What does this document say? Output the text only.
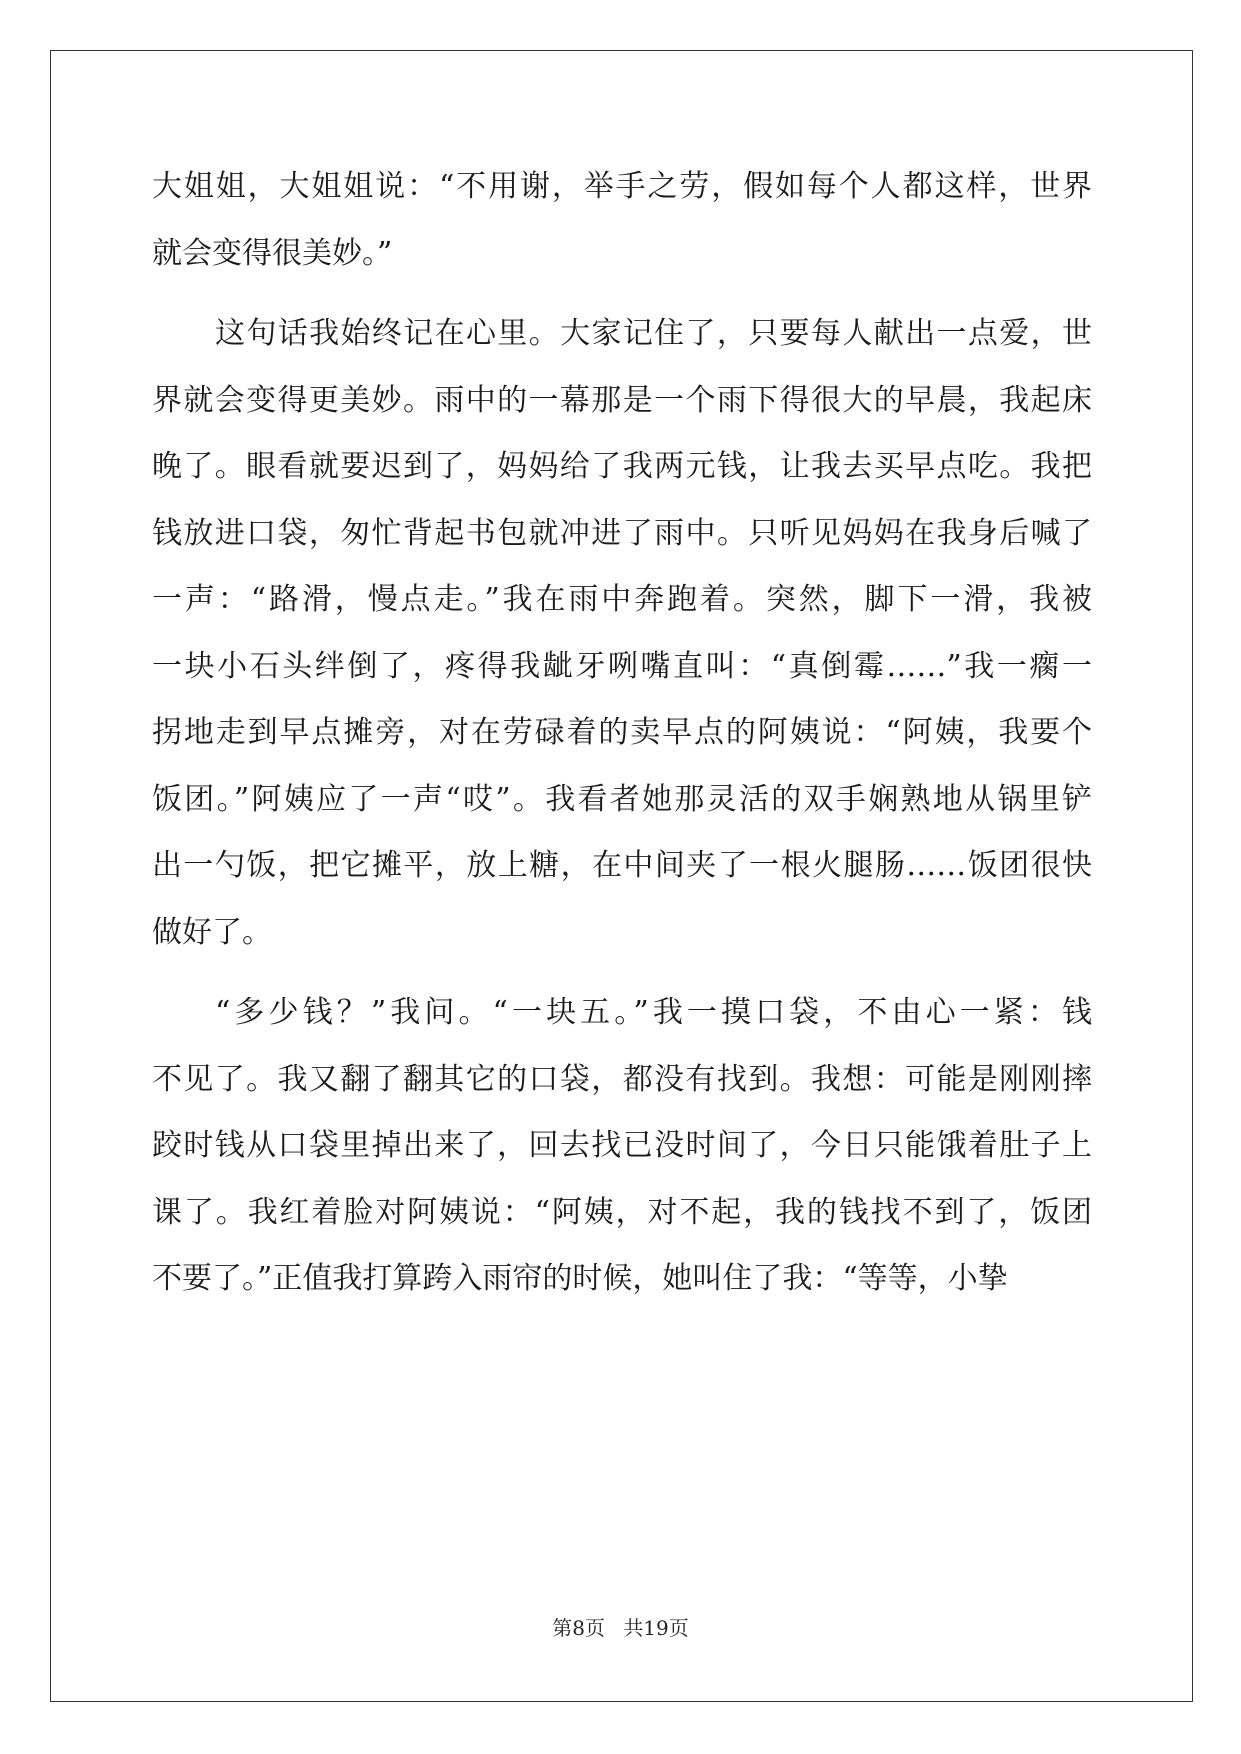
大姐姐，大姐姐说：“不用谢，举手之劳，假如每个人都这样，世界
就会变得很美妙。”
这句话我始终记在心里。大家记住了，只要每人献出一点爱，世
界就会变得更美妙。雨中的一幕那是一个雨下得很大的早晨，我起床
晚了。眼看就要迟到了，妈妈给了我两元钱，让我去买早点吃。我把
钱放进口袋，匆忙背起书包就冲进了雨中。只听见妈妈在我身后喊了
一声：“路滑，慢点走。”我在雨中奔跑着。突然，脚下一滑，我被
一块小石头绊倒了，疼得我龇牙咧嘴直叫：“真倒霉……”我一瘸一
拐地走到早点摊旁，对在劳碌着的卖早点的阿姨说：“阿姨，我要个
饭团。”阿姨应了一声“哎”。我看者她那灵活的双手娴熟地从锅里铲
出一勺饭，把它摊平，放上糖，在中间夹了一根火腿肠……饭团很快
做好了。
“多少钱？”我问。“一块五。”我一摸口袋，不由心一紧：钱
不见了。我又翻了翻其它的口袋，都没有找到。我想：可能是刚刚摔
跤时钱从口袋里掉出来了，回去找已没时间了，今日只能饿着肚子上
课了。我红着脸对阿姨说：“阿姨，对不起，我的钱找不到了，饭团
不要了。”正值我打算跨入雨帘的时候，她叫住了我：“等等，小挚
第8页 共19页
